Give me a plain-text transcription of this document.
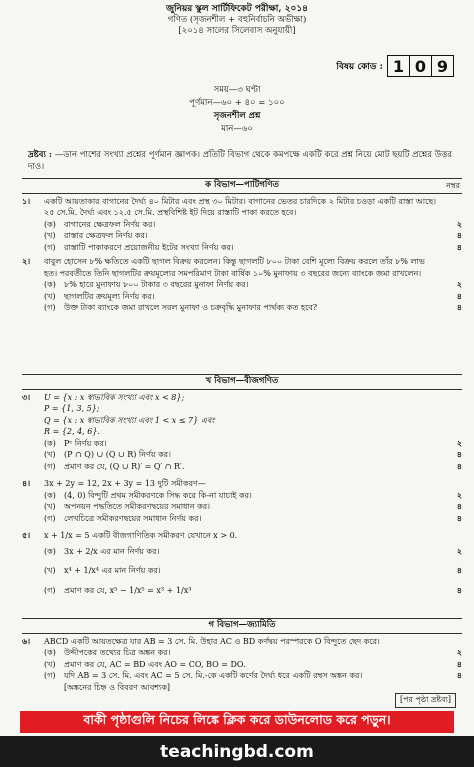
জুনিয়র স্কুল সার্টিফিকেট পরীক্ষা, ২০১৪
গণিত (সৃজনশীল + বহুনির্বাচনি অভীক্ষা)
[২০১৪ সালের সিলেবাস অনুযায়ী]
বিষয় কোড : 1 0 9
সময়—৩ ঘণ্টা
পূর্ণমান—৬০ + ৪০ = ১০০
সৃজনশীল প্রশ্ন
মান—৬০
দ্রষ্টব্য : —ডান পাশের সংখ্যা প্রশ্নের পূর্ণমান জ্ঞাপক। প্রতিটি বিভাগ থেকে কমপক্ষে একটি করে প্রশ্ন নিয়ে মোট ছয়টি প্রশ্নের উত্তর দাও।
নম্বর
ক বিভাগ—পাটিগণিত
১। একটি আয়তাকার বাগানের দৈর্ঘ্য ৪০ মিটার এবং প্রস্থ ৩০ মিটার। বাগানের ভেতর চারদিকে ২ মিটার চওড়া একটি রাস্তা আছে। ২৫ সে.মি. দৈর্ঘ্য এবং ১২.৫ সে.মি. প্রস্থবিশিষ্ট ইট দিয়ে রাস্তাটি পাকা করতে হবে।
(ক) বাগানের ক্ষেত্রফল নির্ণয় কর।	২
(খ) রাস্তার ক্ষেত্রফল নির্ণয় কর।	৪
(গ) রাস্তাটি পাকাকরণে প্রয়োজনীয় ইটের সংখ্যা নির্ণয় কর।	৪
২। বাবুল হোসেন ৮% ক্ষতিতে একটি ছাগল বিক্রয় করলেন। কিন্তু ছাগলটি ৮০০ টাকা বেশি মূল্যে বিক্রয় করলে তাঁর ৮% লাভ হত। পরবর্তীতে তিনি ছাগলটির ক্রয়মূল্যের সমপরিমাণ টাকা বার্ষিক ১০% মুনাফায় ৩ বছরের জন্যে ব্যাংকে জমা রাখলেন।
(ক) ৮% হারে মুনাফায় ৮০০ টাকার ৩ বছরের মুনাফা নির্ণয় কর।	২
(খ) ছাগলটির ক্রয়মূল্য নির্ণয় কর।	৪
(গ) উক্ত টাকা ব্যাংকে জমা রাখলে সরল মুনাফা ও চক্রবৃদ্ধি মুনাফার পার্থক্য কত হবে?	৪
খ বিভাগ—বীজগণিত
৩। U = {x : x স্বাভাবিক সংখ্যা এবং x < 8};
P = {1, 3, 5};
Q = {x : x স্বাভাবিক সংখ্যা এবং 1 < x ≤ 7} এবং
R = {2, 4, 6}.
(ক) Pᶜ নির্ণয় কর।	২
(খ) (P ∩ Q) ∪ (Q ∪ R) নির্ণয় কর।	৪
(গ) প্রমাণ কর যে, (Q ∪ R)′ = Q′ ∩ R′.	৪
৪। 3x + 2y = 12, 2x + 3y = 13 দুটি সমীকরণ—
(ক) (4, 0) বিন্দুটি প্রথম সমীকরণকে সিদ্ধ করে কি-না যাচাই কর।	২
(খ) অপনয়ন পদ্ধতিতে সমীকরণদ্বয়ের সমাধান কর।	৪
(গ) লেখচিত্রে সমীকরণদ্বয়ের সমাধান নির্ণয় কর।	৪
৫। x + 1/x = 5 একটি বীজগাণিতিক সমীকরণ যেখানে x > 0.
(ক) 3x + 2/x এর মান নির্ণয় কর।	২
(খ) x⁴ + 1/x⁴ এর মান নির্ণয় কর।	৪
(গ) প্রমাণ কর যে, x⁵ − 1/x⁵ = x³ + 1/x³	৪
গ বিভাগ—জ্যামিতি
৬। ABCD একটি আয়তক্ষেত্র যার AB = 3 সে. মি. উহার AC ও BD কর্ণদ্বয় পরস্পরকে O বিন্দুতে ছেদ করে।
(ক) উদ্দীপকের তথ্যের চিত্র অঙ্কন কর।	২
(খ) প্রমাণ কর যে, AC = BD এবং AO = CO, BO = DO.	৪
(গ) যদি AB = 3 সে. মি. এবং AC = 5 সে. মি.-কে একটি কর্ণের দৈর্ঘ্য ধরে একটি রম্বস অঙ্কন কর।	৪
[অঙ্কনের চিহ্ন ও বিবরণ আবশ্যক]
[পর পৃষ্ঠা দ্রষ্টব্য]
বাকী পৃষ্ঠাগুলি নিচের লিঙ্কে ক্লিক করে ডাউনলোড করে পড়ুন।
teachingbd.com
